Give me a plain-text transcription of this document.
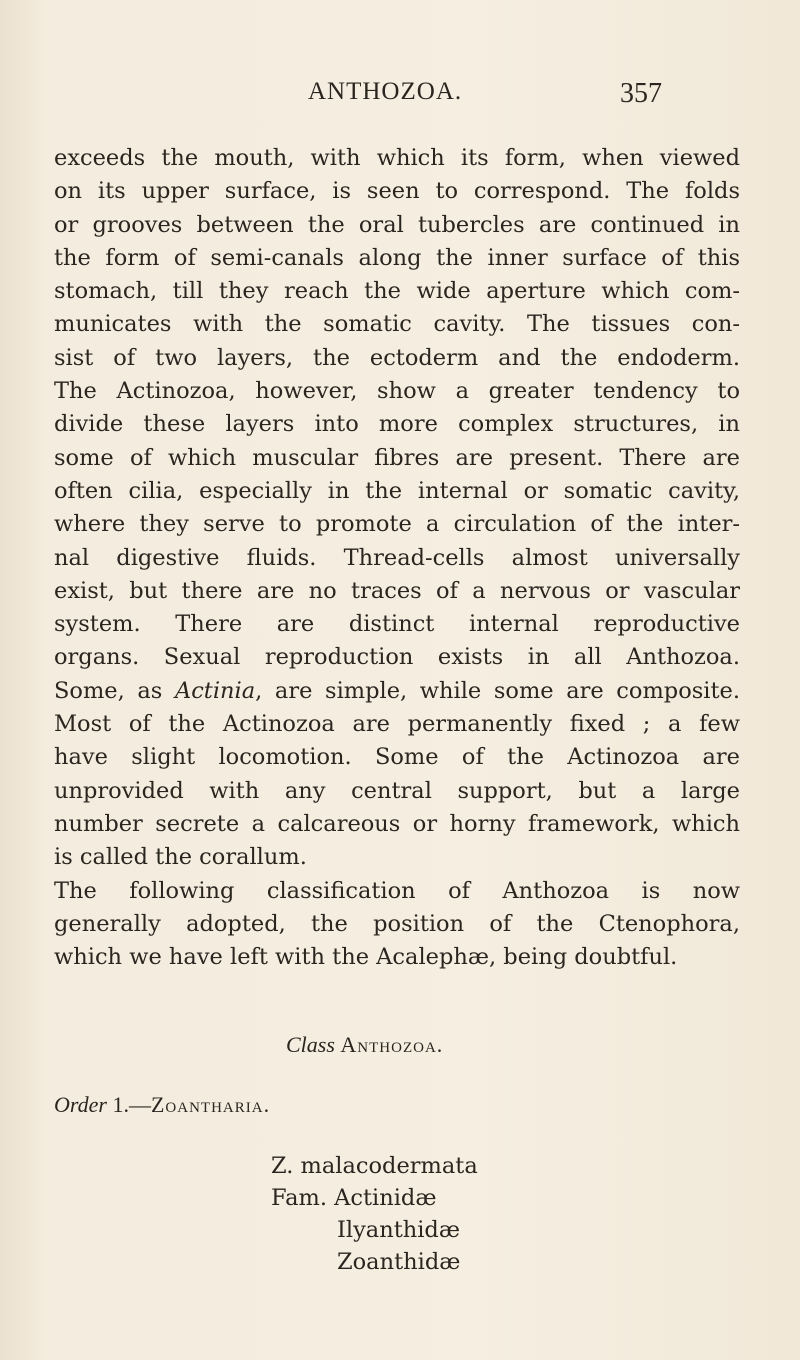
ANTHOZOA.	357
exceeds the mouth, with which its form, when viewed
on its upper surface, is seen to correspond. The folds
or grooves between the oral tubercles are continued in
the form of semi-canals along the inner surface of this
stomach, till they reach the wide aperture which com-
municates with the somatic cavity. The tissues con-
sist of two layers, the ectoderm and the endoderm.
The Actinozoa, however, show a greater tendency to
divide these layers into more complex structures, in
some of which muscular fibres are present. There are
often cilia, especially in the internal or somatic cavity,
where they serve to promote a circulation of the inter-
nal digestive fluids. Thread-cells almost universally
exist, but there are no traces of a nervous or vascular
system. There are distinct internal reproductive
organs. Sexual reproduction exists in all Anthozoa.
Some, as Actinia, are simple, while some are composite.
Most of the Actinozoa are permanently fixed ; a few
have slight locomotion. Some of the Actinozoa are
unprovided with any central support, but a large
number secrete a calcareous or horny framework, which
is called the corallum.
The following classification of Anthozoa is now
generally adopted, the position of the Ctenophora,
which we have left with the Acalephæ, being doubtful.
Class Anthozoa.
Order 1.—Zoantharia.
Z. malacodermata
Fam. Actinidæ
Ilyanthidæ
Zoanthidæ
